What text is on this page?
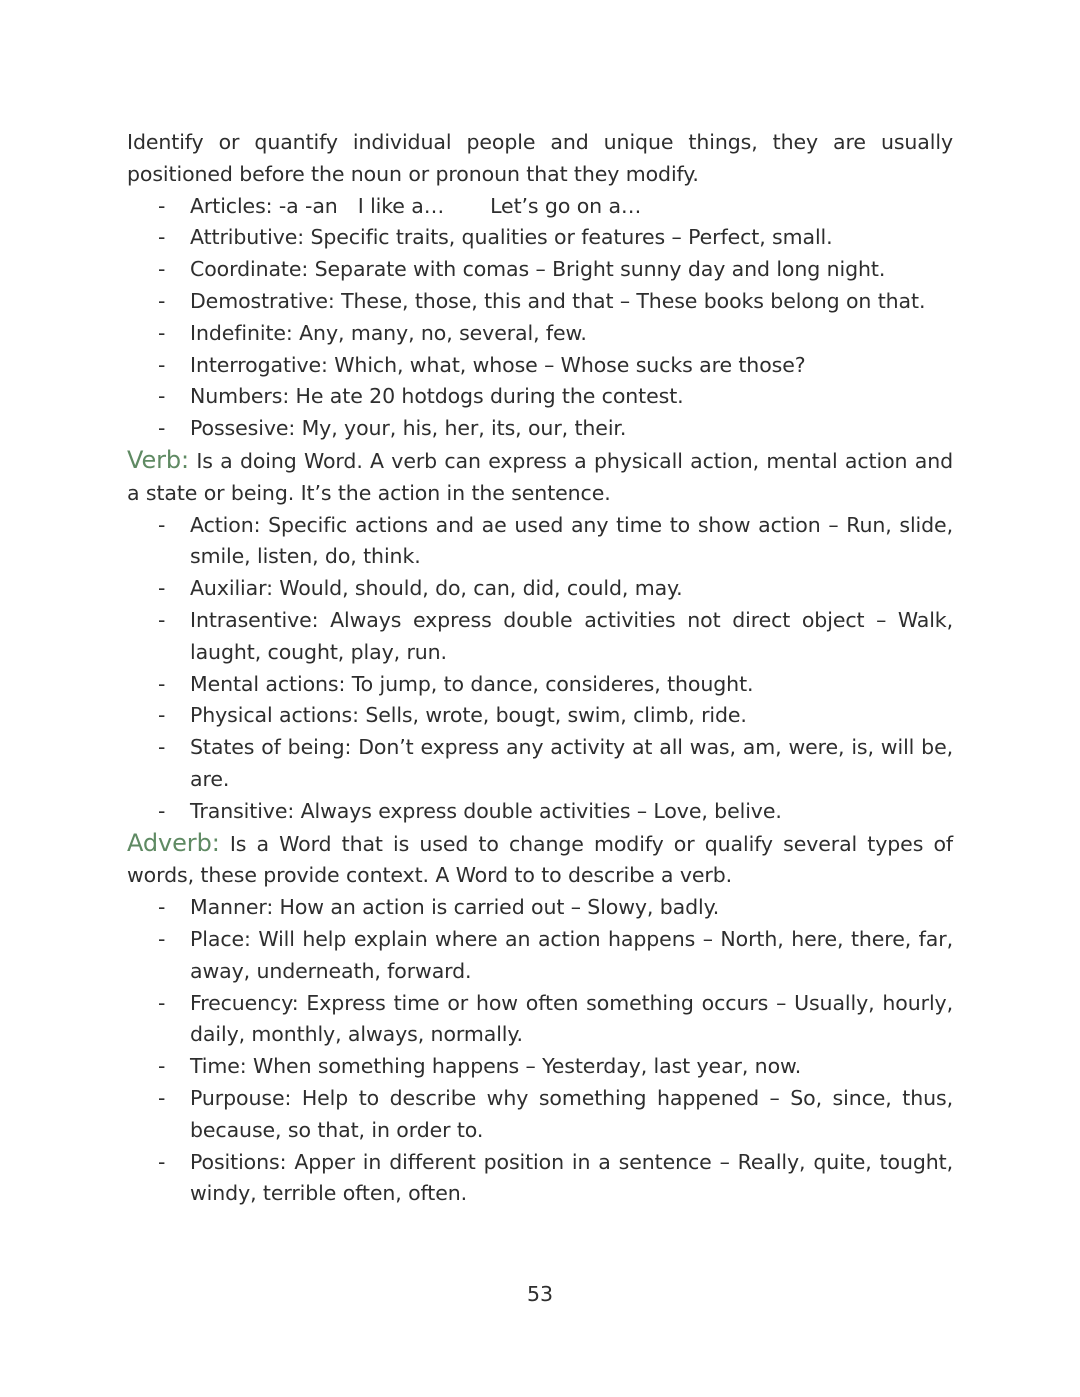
Identify or quantify individual people and unique things, they are usually positioned before the noun or pronoun that they modify.

- Articles: -a -an I like a… Let’s go on a…
- Attributive: Specific traits, qualities or features – Perfect, small.
- Coordinate: Separate with comas – Bright sunny day and long night.
- Demostrative: These, those, this and that – These books belong on that.
- Indefinite: Any, many, no, several, few.
- Interrogative: Which, what, whose – Whose sucks are those?
- Numbers: He ate 20 hotdogs during the contest.
- Possesive: My, your, his, her, its, our, their.

Verb: Is a doing Word. A verb can express a physicall action, mental action and a state or being. It’s the action in the sentence.

- Action: Specific actions and ae used any time to show action – Run, slide, smile, listen, do, think.
- Auxiliar: Would, should, do, can, did, could, may.
- Intrasentive: Always express double activities not direct object – Walk, laught, cought, play, run.
- Mental actions: To jump, to dance, consideres, thought.
- Physical actions: Sells, wrote, bougt, swim, climb, ride.
- States of being: Don’t express any activity at all was, am, were, is, will be, are.
- Transitive: Always express double activities – Love, belive.

Adverb: Is a Word that is used to change modify or qualify several types of words, these provide context. A Word to to describe a verb.

- Manner: How an action is carried out – Slowy, badly.
- Place: Will help explain where an action happens – North, here, there, far, away, underneath, forward.
- Frecuency: Express time or how often something occurs – Usually, hourly, daily, monthly, always, normally.
- Time: When something happens – Yesterday, last year, now.
- Purpouse: Help to describe why something happened – So, since, thus, because, so that, in order to.
- Positions: Apper in different position in a sentence – Really, quite, tought, windy, terrible often, often.
53
